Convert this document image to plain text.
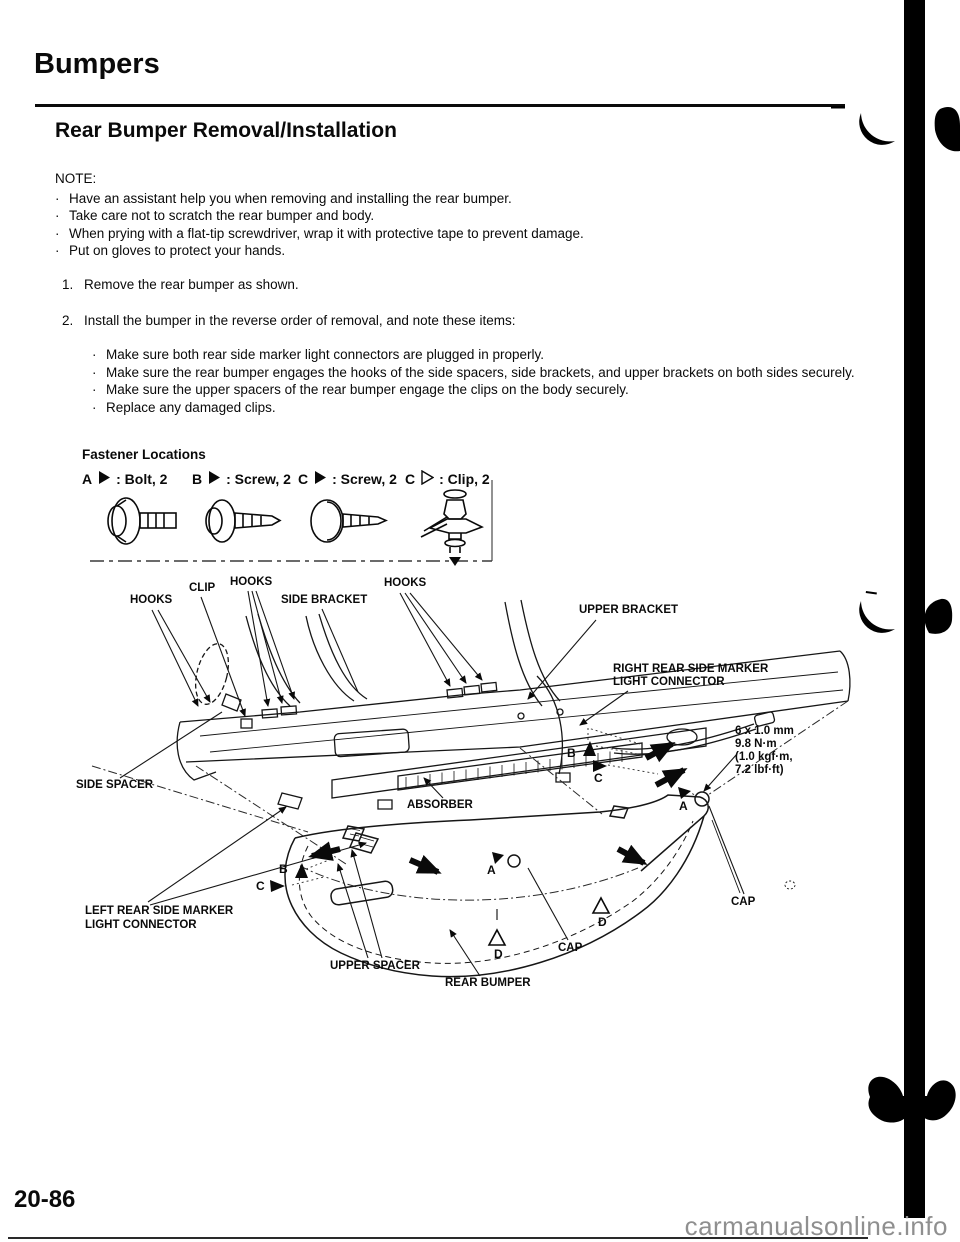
Bumpers
Rear Bumper Removal/Installation
NOTE:
· Have an assistant help you when removing and installing the rear bumper.
· Take care not to scratch the rear bumper and body.
· When prying with a flat-tip screwdriver, wrap it with protective tape to prevent damage.
· Put on gloves to protect your hands.
1. Remove the rear bumper as shown.
2. Install the bumper in the reverse order of removal, and note these items:
· Make sure both rear side marker light connectors are plugged in properly.
· Make sure the rear bumper engages the hooks of the side spacers, side brackets, and upper brackets on both sides securely.
· Make sure the upper spacers of the rear bumper engage the clips on the body securely.
· Replace any damaged clips.
Fastener Locations
A : Bolt, 2 B : Screw, 2 C : Screw, 2 C : Clip, 2
HOOKS
CLIP HOOKS
SIDE BRACKET
HOOKS
UPPER BRACKET
RIGHT REAR SIDE MARKER
LIGHT CONNECTOR
SIDE SPACER
ABSORBER
LEFT REAR SIDE MARKER
LIGHT CONNECTOR
UPPER SPACER
REAR BUMPER
CAP
CAP
6 x 1.0 mm
9.8 N·m
(1.0 kgf·m,
7.2 lbf·ft)
B
C
A
B
C
A
D
D
20-86
carmanualsonline.info
